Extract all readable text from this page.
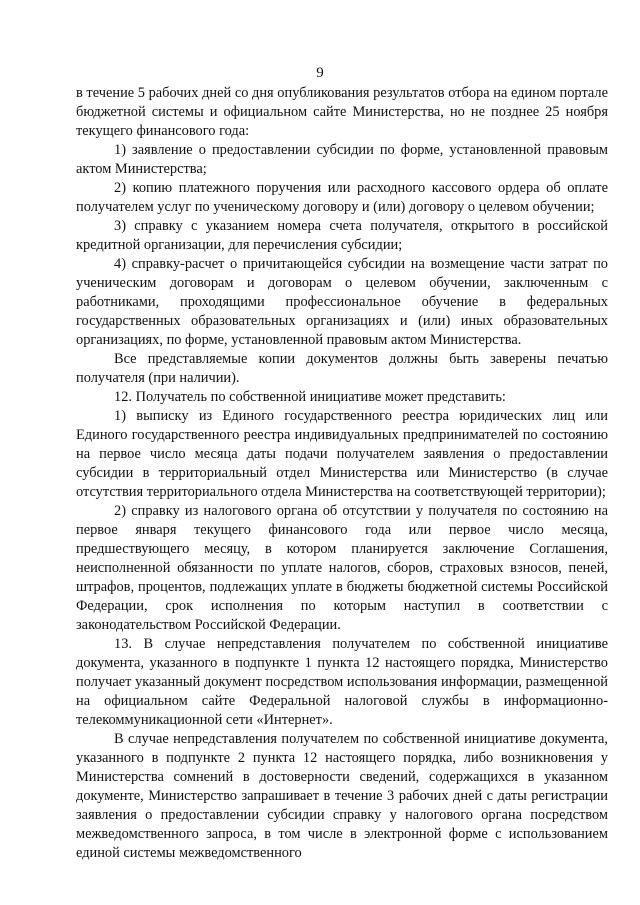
9

в течение 5 рабочих дней со дня опубликования результатов отбора на едином портале бюджетной системы и официальном сайте Министерства, но не позднее 25 ноября текущего финансового года:

1) заявление о предоставлении субсидии по форме, установленной правовым актом Министерства;

2) копию платежного поручения или расходного кассового ордера об оплате получателем услуг по ученическому договору и (или) договору о целевом обучении;

3) справку с указанием номера счета получателя, открытого в российской кредитной организации, для перечисления субсидии;

4) справку-расчет о причитающейся субсидии на возмещение части затрат по ученическим договорам и договорам о целевом обучении, заключенным с работниками, проходящими профессиональное обучение в федеральных государственных образовательных организациях и (или) иных образовательных организациях, по форме, установленной правовым актом Министерства.

Все представляемые копии документов должны быть заверены печатью получателя (при наличии).

12. Получатель по собственной инициативе может представить:

1) выписку из Единого государственного реестра юридических лиц или Единого государственного реестра индивидуальных предпринимателей по состоянию на первое число месяца даты подачи получателем заявления о предоставлении субсидии в территориальный отдел Министерства или Министерство (в случае отсутствия территориального отдела Министерства на соответствующей территории);

2) справку из налогового органа об отсутствии у получателя по состоянию на первое января текущего финансового года или первое число месяца, предшествующего месяцу, в котором планируется заключение Соглашения, неисполненной обязанности по уплате налогов, сборов, страховых взносов, пеней, штрафов, процентов, подлежащих уплате в бюджеты бюджетной системы Российской Федерации, срок исполнения по которым наступил в соответствии с законодательством Российской Федерации.

13. В случае непредставления получателем по собственной инициативе документа, указанного в подпункте 1 пункта 12 настоящего порядка, Министерство получает указанный документ посредством использования информации, размещенной на официальном сайте Федеральной налоговой службы в информационно-телекоммуникационной сети «Интернет».

В случае непредставления получателем по собственной инициативе документа, указанного в подпункте 2 пункта 12 настоящего порядка, либо возникновения у Министерства сомнений в достоверности сведений, содержащихся в указанном документе, Министерство запрашивает в течение 3 рабочих дней с даты регистрации заявления о предоставлении субсидии справку у налогового органа посредством межведомственного запроса, в том числе в электронной форме с использованием единой системы межведомственного
